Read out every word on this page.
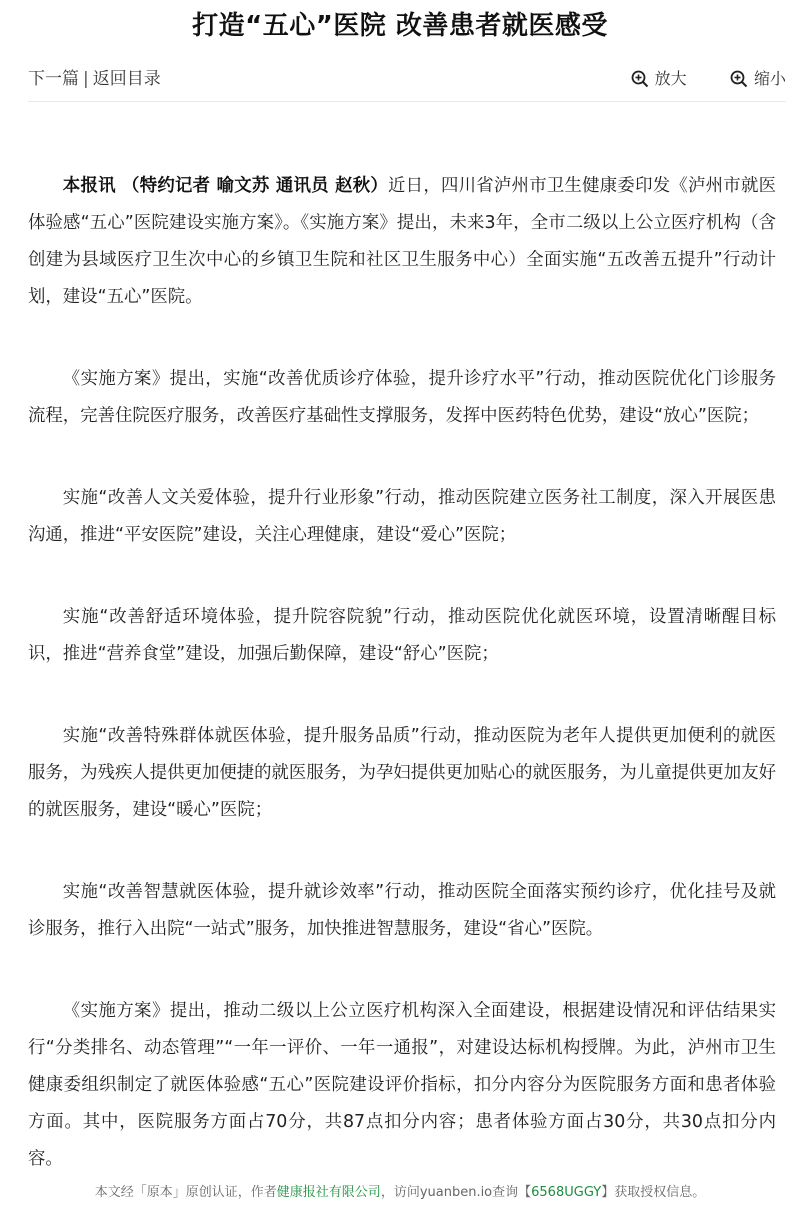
打造“五心”医院 改善患者就医感受
下一篇 | 返回目录	放大	缩小

本报讯 （特约记者 喻文苏 通讯员 赵秋）近日，四川省泸州市卫生健康委印发《泸州市就医体验感“五心”医院建设实施方案》。《实施方案》提出，未来3年，全市二级以上公立医疗机构（含创建为县域医疗卫生次中心的乡镇卫生院和社区卫生服务中心）全面实施“五改善五提升”行动计划，建设“五心”医院。

《实施方案》提出，实施“改善优质诊疗体验，提升诊疗水平”行动，推动医院优化门诊服务流程，完善住院医疗服务，改善医疗基础性支撑服务，发挥中医药特色优势，建设“放心”医院；

实施“改善人文关爱体验，提升行业形象”行动，推动医院建立医务社工制度，深入开展医患沟通，推进“平安医院”建设，关注心理健康，建设“爱心”医院；

实施“改善舒适环境体验，提升院容院貌”行动，推动医院优化就医环境，设置清晰醒目标识，推进“营养食堂”建设，加强后勤保障，建设“舒心”医院；

实施“改善特殊群体就医体验，提升服务品质”行动，推动医院为老年人提供更加便利的就医服务，为残疾人提供更加便捷的就医服务，为孕妇提供更加贴心的就医服务，为儿童提供更加友好的就医服务，建设“暖心”医院；

实施“改善智慧就医体验，提升就诊效率”行动，推动医院全面落实预约诊疗，优化挂号及就诊服务，推行入出院“一站式”服务，加快推进智慧服务，建设“省心”医院。

《实施方案》提出，推动二级以上公立医疗机构深入全面建设，根据建设情况和评估结果实行“分类排名、动态管理”“一年一评价、一年一通报”，对建设达标机构授牌。为此，泸州市卫生健康委组织制定了就医体验感“五心”医院建设评价指标，扣分内容分为医院服务方面和患者体验方面。其中，医院服务方面占70分，共87点扣分内容；患者体验方面占30分，共30点扣分内容。

本文经「原本」原创认证，作者健康报社有限公司，访问yuanben.io查询【6568UGGY】获取授权信息。
